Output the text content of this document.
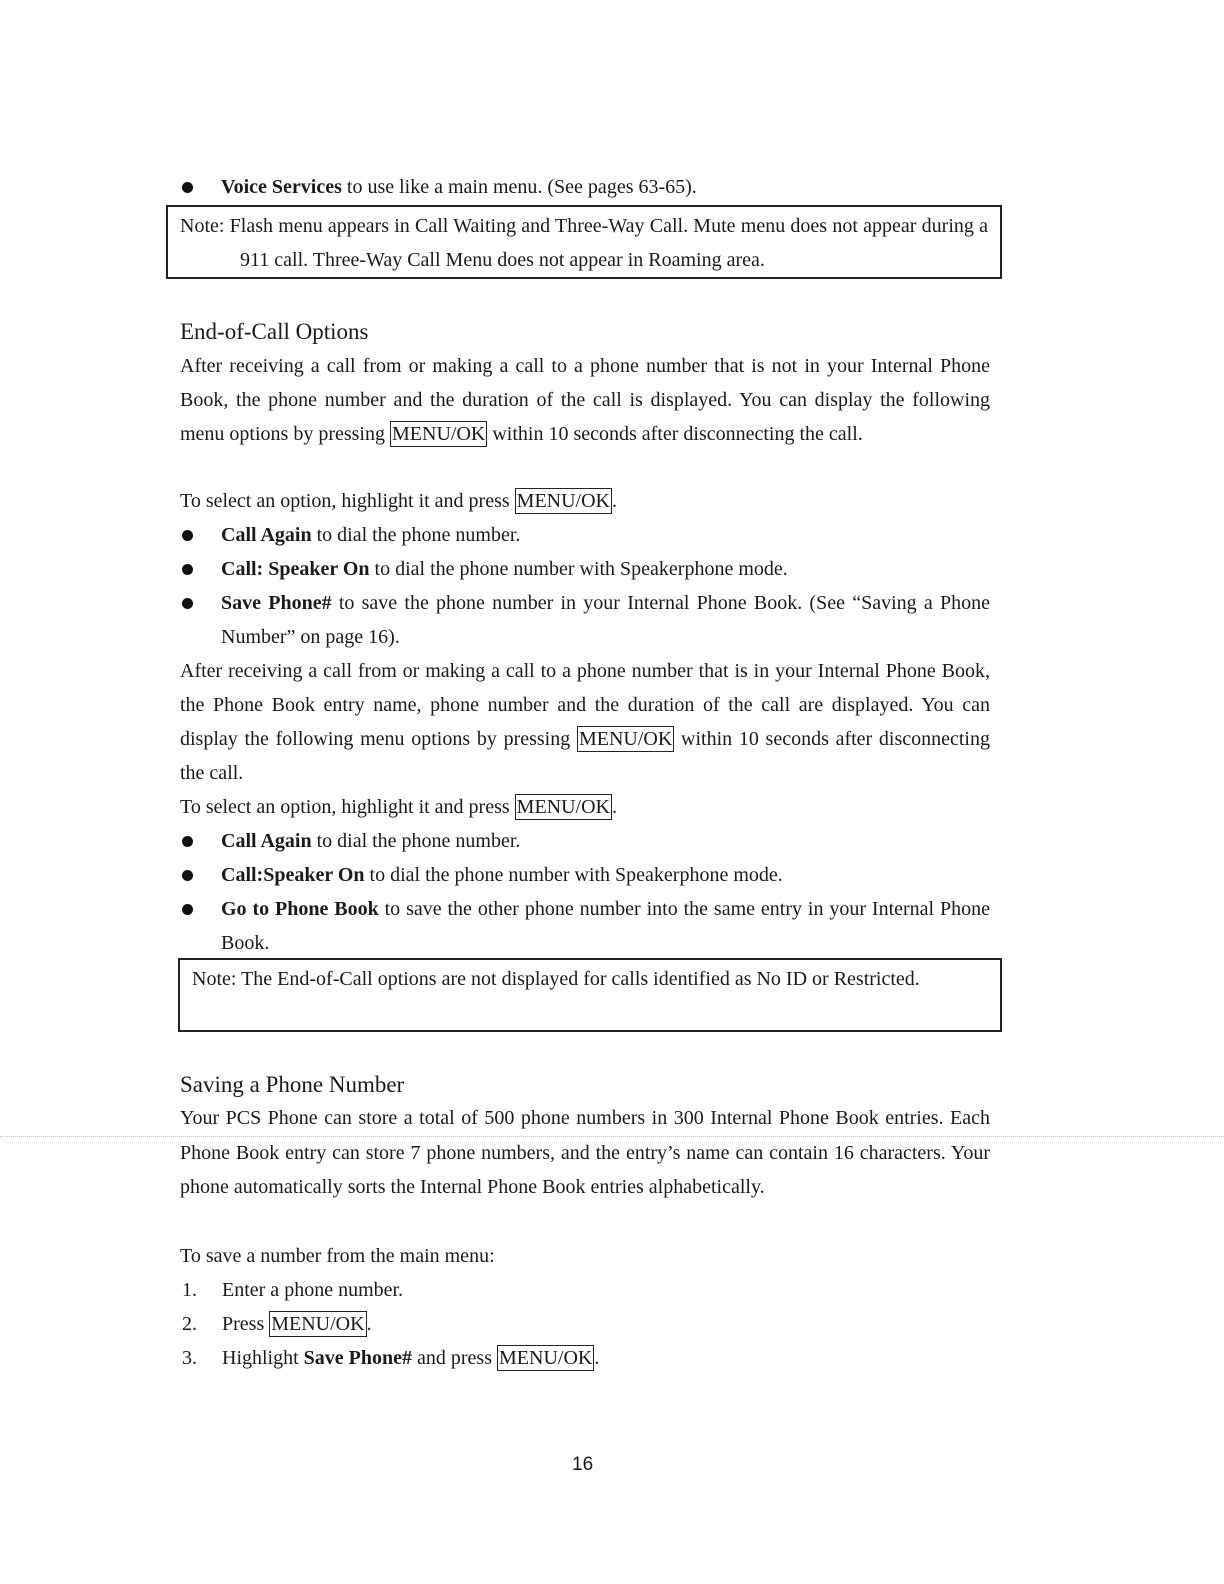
Voice Services to use like a main menu. (See pages 63-65).
Note: Flash menu appears in Call Waiting and Three-Way Call. Mute menu does not appear during a 911 call. Three-Way Call Menu does not appear in Roaming area.
End-of-Call Options
After receiving a call from or making a call to a phone number that is not in your Internal Phone Book, the phone number and the duration of the call is displayed. You can display the following menu options by pressing MENU/OK within 10 seconds after disconnecting the call.
To select an option, highlight it and press MENU/OK .
Call Again to dial the phone number.
Call: Speaker On to dial the phone number with Speakerphone mode.
Save Phone# to save the phone number in your Internal Phone Book. (See “Saving a Phone Number” on page 16).
After receiving a call from or making a call to a phone number that is in your Internal Phone Book, the Phone Book entry name, phone number and the duration of the call are displayed. You can display the following menu options by pressing MENU/OK within 10 seconds after disconnecting the call.
To select an option, highlight it and press MENU/OK .
Call Again to dial the phone number.
Call:Speaker On to dial the phone number with Speakerphone mode.
Go to Phone Book to save the other phone number into the same entry in your Internal Phone Book.
Note: The End-of-Call options are not displayed for calls identified as No ID or Restricted.
Saving a Phone Number
Your PCS Phone can store a total of 500 phone numbers in 300 Internal Phone Book entries. Each Phone Book entry can store 7 phone numbers, and the entry’s name can contain 16 characters. Your phone automatically sorts the Internal Phone Book entries alphabetically.
To save a number from the main menu:
1. Enter a phone number.
2. Press MENU/OK .
3. Highlight Save Phone# and press MENU/OK .
16
